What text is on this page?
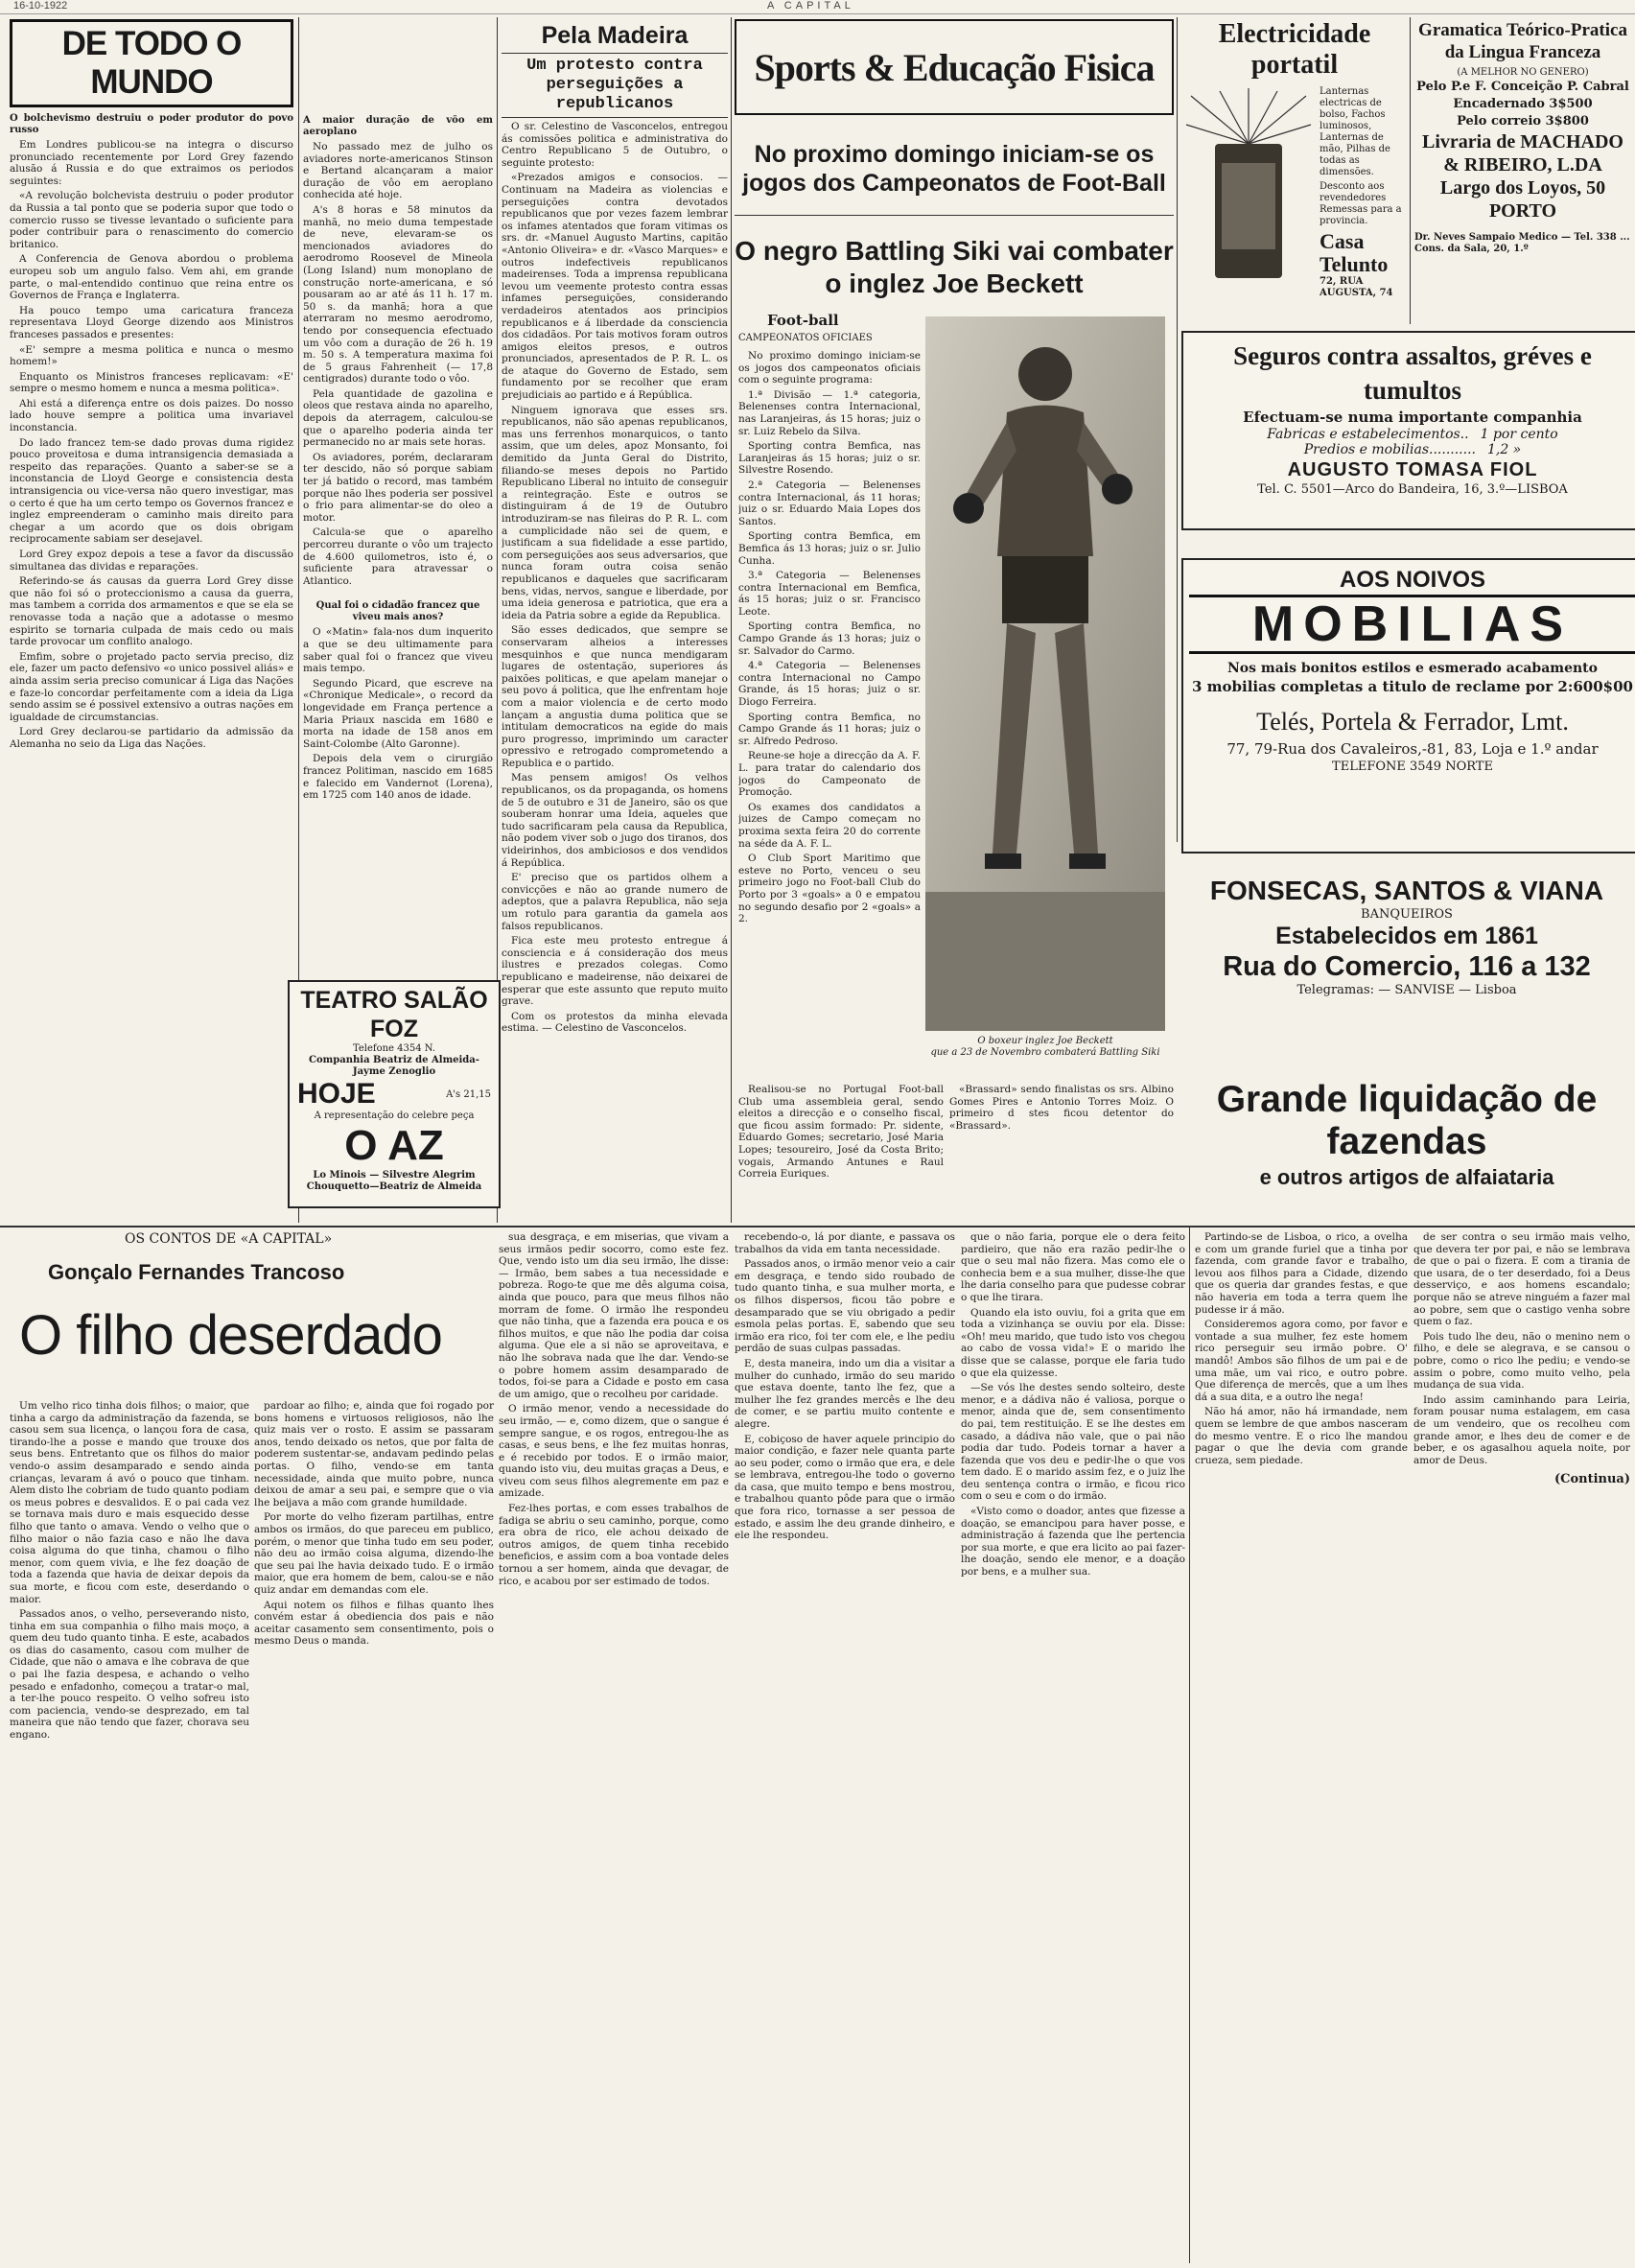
16-10-1922	A CAPITAL
DE TODO O MUNDO

O bolchevismo destruiu o poder produtor do povo russo

Em Londres publicou-se na integra o discurso pronunciado recentemente por Lord Grey fazendo alusão á Russia e do que extraimos os periodos seguintes:

«A revolução bolchevista destruiu o poder produtor da Russia a tal ponto que se poderia supor que todo o comercio russo se tivesse levantado o suficiente para poder contribuir para o renascimento do comercio britanico.

A Conferencia de Genova abordou o problema europeu sob um angulo falso. Vem ahi, em grande parte, o mal-entendido continuo que reina entre os Governos de França e Inglaterra.

Ha pouco tempo uma caricatura franceza representava Lloyd George dizendo aos Ministros franceses passados e presentes:

«E' sempre a mesma politica e nunca o mesmo homem!»

Enquanto os Ministros franceses replicavam: «E' sempre o mesmo homem e nunca a mesma politica».

Ahi está a diferença entre os dois paizes. Do nosso lado houve sempre a politica uma invariavel inconstancia.

Do lado francez tem-se dado provas duma rigidez pouco proveitosa e duma intransigencia demasiada a respeito das reparações. Quanto a saber-se se a inconstancia de Lloyd George e consistencia desta intransigencia ou vice-versa não quero investigar, mas o certo é que ha um certo tempo os Governos francez e inglez empreenderam o caminho mais direito para chegar a um acordo que os dois obrigam reciprocamente sabiam ser desejavel.

Lord Grey expoz depois a tese a favor da discussão simultanea das dividas e reparações.

Referindo-se ás causas da guerra Lord Grey disse que não foi só o proteccionismo a causa da guerra, mas tambem a corrida dos armamentos e que se ela se renovasse toda a nação que a adotasse o mesmo espirito se tornaria culpada de mais cedo ou mais tarde provocar um conflito analogo.

Emfim, sobre o projetado pacto servia preciso, diz ele, fazer um pacto defensivo «o unico possivel aliás» e ainda assim seria preciso comunicar á Liga das Nações e faze-lo concordar perfeitamente com a ideia da Liga sendo assim se é possivel extensivo a outras nações em igualdade de circumstancias.

Lord Grey declarou-se partidario da admissão da Alemanha no seio da Liga das Nações.

A maior duração de vôo em aeroplano

No passado mez de julho os aviadores norte-americanos Stinson e Bertand alcançaram a maior duração de vôo em aeroplano conhecida até hoje.

A's 8 horas e 58 minutos da manhã, no meio duma tempestade de neve, elevaram-se os mencionados aviadores do aerodromo Roosevel de Mineola (Long Island) num monoplano de construção norte-americana, e só pousaram ao ar até ás 11 h. 17 m. 50 s. da manhã; hora a que aterraram no mesmo aerodromo, tendo por consequencia efectuado um vôo com a duração de 26 h. 19 m. 50 s. A temperatura maxima foi de 5 graus Fahrenheit (— 17,8 centigrados) durante todo o vôo.

Pela quantidade de gazolina e oleos que restava ainda no aparelho, depois da aterragem, calculou-se que o aparelho poderia ainda ter permanecido no ar mais sete horas.

Os aviadores, porém, declararam ter descido, não só porque sabiam ter já batido o record, mas também porque não lhes poderia ser possivel o frio para alimentar-se do oleo a motor.

Calcula-se que o aparelho percorreu durante o vôo um trajecto de 4.600 quilometros, isto é, o suficiente para atravessar o Atlantico.

Qual foi o cidadão francez que viveu mais anos?

O «Matin» fala-nos dum inquerito a que se deu ultimamente para saber qual foi o francez que viveu mais tempo.

Segundo Picard, que escreve na «Chronique Medicale», o record da longevidade em França pertence a Maria Priaux nascida em 1680 e morta na idade de 158 anos em Saint-Colombe (Alto Garonne).

Depois dela vem o cirurgião francez Politiman, nascido em 1685 e falecido em Vandernot (Lorena), em 1725 com 140 anos de idade.

TEATRO SALÃO FOZ
Telefone 4354 N.
Companhia Beatriz de Almeida-Jayme Zenoglio
HOJE	A's 21,15
A representação do celebre peça
O AZ
Lo Minois — Silvestre Alegrim
Chouquetto—Beatriz de Almeida
Pela Madeira
Um protesto contra perseguições a republicanos

O sr. Celestino de Vasconcelos, entregou ás comissões politica e administrativa do Centro Republicano 5 de Outubro, o seguinte protesto:

«Prezados amigos e consocios. — Continuam na Madeira as violencias e perseguições contra devotados republicanos que por vezes fazem lembrar os infames atentados que foram vitimas os srs. dr. «Manuel Augusto Martins, capitão «Antonio Oliveira» e dr. «Vasco Marques» e outros indefectiveis republicanos madeirenses. Toda a imprensa republicana levou um veemente protesto contra essas infames perseguições, considerando verdadeiros atentados aos principios republicanos e á liberdade da consciencia dos cidadãos. Por tais motivos foram outros amigos eleitos presos, e outros pronunciados, apresentados de P. R. L. os de ataque do Governo de Estado, sem fundamento por se recolher que eram prejudiciais ao partido e á República.

Ninguem ignorava que esses srs. republicanos, não são apenas republicanos, mas uns ferrenhos monarquicos, o tanto assim, que um deles, apoz Monsanto, foi demitido da Junta Geral do Distrito, filiando-se meses depois no Partido Republicano Liberal no intuito de conseguir a reintegração. Este e outros se distinguiram á de 19 de Outubro introduziram-se nas fileiras do P. R. L. com a cumplicidade não sei de quem, e justificam a sua fidelidade a esse partido, com perseguições aos seus adversarios, que nunca foram outra coisa senão republicanos e daqueles que sacrificaram bens, vidas, nervos, sangue e liberdade, por uma ideia generosa e patriotica, que era a ideia da Patria sobre a egide da Republica.

São esses dedicados, que sempre se conservaram alheios a interesses mesquinhos e que nunca mendigaram lugares de ostentação, superiores ás paixões politicas, e que apelam manejar o seu povo á politica, que lhe enfrentam hoje com a maior violencia e de certo modo lançam a angustia duma politica que se intitulam democraticos na egide do mais puro progresso, imprimindo um caracter opressivo e retrogado comprometendo a Republica e o partido.

Mas pensem amigos! Os velhos republicanos, os da propaganda, os homens de 5 de outubro e 31 de Janeiro, são os que souberam honrar uma Ideia, aqueles que tudo sacrificaram pela causa da Republica, não podem viver sob o jugo dos tiranos, dos videirinhos, dos ambiciosos e dos vendidos á República.

E' preciso que os partidos olhem a convicções e não ao grande numero de adeptos, que a palavra Republica, não seja um rotulo para garantia da gamela aos falsos republicanos.

Fica este meu protesto entregue á consciencia e á consideração dos meus ilustres e prezados colegas. Como republicano e madeirense, não deixarei de esperar que este assunto que reputo muito grave.

Com os protestos da minha elevada estima. — Celestino de Vasconcelos.

Sports & Educação Fisica
No proximo domingo iniciam-se os jogos dos Campeonatos de Foot-Ball
O negro Battling Siki vai combater o inglez Joe Beckett
Foot-ball
CAMPEONATOS OFICIAES

No proximo domingo iniciam-se os jogos dos campeonatos oficiais com o seguinte programa:

1.ª Divisão — 1.ª categoria, Belenenses contra Internacional, nas Laranjeiras, ás 15 horas; juiz o sr. Luiz Rebelo da Silva.

Sporting contra Bemfica, nas Laranjeiras ás 15 horas; juiz o sr. Silvestre Rosendo.

2.ª Categoria — Belenenses contra Internacional, ás 11 horas; juiz o sr. Eduardo Maia Lopes dos Santos.

Sporting contra Bemfica, em Bemfica ás 13 horas; juiz o sr. Julio Cunha.

3.ª Categoria — Belenenses contra Internacional em Bemfica, ás 15 horas; juiz o sr. Francisco Leote.

Sporting contra Bemfica, no Campo Grande ás 13 horas; juiz o sr. Salvador do Carmo.

4.ª Categoria — Belenenses contra Internacional no Campo Grande, ás 15 horas; juiz o sr. Diogo Ferreira.

Sporting contra Bemfica, no Campo Grande ás 11 horas; juiz o sr. Alfredo Pedroso.

Reune-se hoje a direcção da A. F. L. para tratar do calendario dos jogos do Campeonato de Promoção.

Os exames dos candidatos a juizes de Campo começam no proxima sexta feira 20 do corrente na séde da A. F. L.

O Club Sport Maritimo que esteve no Porto, venceu o seu primeiro jogo no Foot-ball Club do Porto por 3 «goals» a 0 e empatou no segundo desafio por 2 «goals» a 2.

O boxeur inglez Joe Beckett
que a 23 de Novembro combaterá Battling Siki

Realisou-se no Portugal Foot-ball Club uma assembleia geral, sendo eleitos a direcção e o conselho fiscal, que ficou assim formado: Pr. sidente, Eduardo Gomes; secretario, José Maria Lopes; tesoureiro, José da Costa Brito; vogais, Armando Antunes e Raul Correia Euriques.

«Brassard» sendo finalistas os srs. Albino Gomes Pires e Antonio Torres Moiz. O primeiro d stes ficou detentor do «Brassard».

Electricidade portatil

Lanternas electricas de bolso, Fachos luminosos, Lanternas de mão, Pilhas de todas as dimensões.

Desconto aos revendedores Remessas para a provincia.

Casa Telunto
72, RUA AUGUSTA, 74
Gramatica Teórico-Pratica
da Lingua Franceza
(A MELHOR NO GENERO)
Pelo P.e F. Conceição P. Cabral
Encadernado 3$500
Pelo correio 3$800
Livraria de MACHADO
& RIBEIRO, L.DA
Largo dos Loyos, 50
PORTO
Dr. Neves Sampaio Medico — Tel. 338 ... Cons. da Sala, 20, 1.º
Seguros contra assaltos, gréves e tumultos
Efectuam-se numa importante companhia
Fabricas e estabelecimentos.. 1 por cento
Predios e mobilias........... 1,2 »
AUGUSTO TOMASA FIOL
Tel. C. 5501—Arco do Bandeira, 16, 3.º—LISBOA
AOS NOIVOS
MOBILIAS
Nos mais bonitos estilos e esmerado acabamento
3 mobilias completas a titulo de reclame por 2:600$00
Telés, Portela & Ferrador, Lmt.
77, 79-Rua dos Cavaleiros,-81, 83, Loja e 1.º andar
TELEFONE 3549 NORTE
FONSECAS, SANTOS & VIANA
BANQUEIROS
Estabelecidos em 1861
Rua do Comercio, 116 a 132
Telegramas: — SANVISE — Lisboa
Grande liquidação de
fazendas
e outros artigos de alfaiataria
OS CONTOS DE «A CAPITAL»
Gonçalo Fernandes Trancoso
O filho deserdado

Um velho rico tinha dois filhos; o maior, que tinha a cargo da administração da fazenda, se casou sem sua licença, o lançou fora de casa, tirando-lhe a posse e mando que trouxe dos seus bens. Entretanto que os filhos do maior vendo-o assim desamparado e sendo ainda crianças, levaram á avó o pouco que tinham. Alem disto lhe cobriam de tudo quanto podiam os meus pobres e desvalidos. E o pai cada vez se tornava mais duro e mais esquecido desse filho que tanto o amava. Vendo o velho que o filho maior o não fazia caso e não lhe dava coisa alguma do que tinha, chamou o filho menor, com quem vivia, e lhe fez doação de toda a fazenda que havia de deixar depois da sua morte, e ficou com este, deserdando o maior.

Passados anos, o velho, perseverando nisto, tinha em sua companhia o filho mais moço, a quem deu tudo quanto tinha. E este, acabados os dias do casamento, casou com mulher de Cidade, que não o amava e lhe cobrava de que o pai lhe fazia despesa, e achando o velho pesado e enfadonho, começou a tratar-o mal, a ter-lhe pouco respeito. O velho sofreu isto com paciencia, vendo-se desprezado, em tal maneira que não tendo que fazer, chorava seu engano.

pardoar ao filho; e, ainda que foi rogado por bons homens e virtuosos religiosos, não lhe quiz mais ver o rosto. E assim se passaram anos, tendo deixado os netos, que por falta de poderem sustentar-se, andavam pedindo pelas portas. O filho, vendo-se em tanta necessidade, ainda que muito pobre, nunca deixou de amar a seu pai, e sempre que o via lhe beijava a mão com grande humildade.

Por morte do velho fizeram partilhas, entre ambos os irmãos, do que pareceu em publico, porém, o menor que tinha tudo em seu poder, não deu ao irmão coisa alguma, dizendo-lhe que seu pai lhe havia deixado tudo. E o irmão maior, que era homem de bem, calou-se e não quiz andar em demandas com ele.

Aqui notem os filhos e filhas quanto lhes convém estar á obediencia dos pais e não aceitar casamento sem consentimento, pois o mesmo Deus o manda.

sua desgraça, e em miserias, que vivam a seus irmãos pedir socorro, como este fez. Que, vendo isto um dia seu irmão, lhe disse: — Irmão, bem sabes a tua necessidade e pobreza. Rogo-te que me dês alguma coisa, ainda que pouco, para que meus filhos não morram de fome. O irmão lhe respondeu que não tinha, que a fazenda era pouca e os filhos muitos, e que não lhe podia dar coisa alguma. Que ele a si não se aproveitava, e não lhe sobrava nada que lhe dar. Vendo-se o pobre homem assim desamparado de todos, foi-se para a Cidade e posto em casa de um amigo, que o recolheu por caridade.

O irmão menor, vendo a necessidade do seu irmão, — e, como dizem, que o sangue é sempre sangue, e os rogos, entregou-lhe as casas, e seus bens, e lhe fez muitas honras, e é recebido por todos. E o irmão maior, quando isto viu, deu muitas graças a Deus, e viveu com seus filhos alegremente em paz e amizade.

Fez-lhes portas, e com esses trabalhos de fadiga se abriu o seu caminho, porque, como era obra de rico, ele achou deixado de outros amigos, de quem tinha recebido beneficios, e assim com a boa vontade deles tornou a ser homem, ainda que devagar, de rico, e acabou por ser estimado de todos.

recebendo-o, lá por diante, e passava os trabalhos da vida em tanta necessidade.

Passados anos, o irmão menor veio a cair em desgraça, e tendo sido roubado de tudo quanto tinha, e sua mulher morta, e os filhos dispersos, ficou tão pobre e desamparado que se viu obrigado a pedir esmola pelas portas. E, sabendo que seu irmão era rico, foi ter com ele, e lhe pediu perdão de suas culpas passadas.

E, desta maneira, indo um dia a visitar a mulher do cunhado, irmão do seu marido que estava doente, tanto lhe fez, que a mulher lhe fez grandes mercês e lhe deu de comer, e se partiu muito contente e alegre.

E, cobiçoso de haver aquele principio do maior condição, e fazer nele quanta parte ao seu poder, como o irmão que era, e dele se lembrava, entregou-lhe todo o governo da casa, que muito tempo e bens mostrou, e trabalhou quanto pôde para que o irmão que fora rico, tornasse a ser pessoa de estado, e assim lhe deu grande dinheiro, e ele lhe respondeu.

que o não faria, porque ele o dera feito pardieiro, que não era razão pedir-lhe o que o seu mal não fizera. Mas como ele o conhecia bem e a sua mulher, disse-lhe que lhe daria conselho para que pudesse cobrar o que lhe tirara.

Quando ela isto ouviu, foi a grita que em toda a vizinhança se ouviu por ela. Disse: «Oh! meu marido, que tudo isto vos chegou ao cabo de vossa vida!» E o marido lhe disse que se calasse, porque ele faria tudo o que ela quizesse.

—Se vós lhe destes sendo solteiro, deste menor, e a dádiva não é valiosa, porque o menor, ainda que de, sem consentimento do pai, tem restituição. E se lhe destes em casado, a dádiva não vale, que o pai não podia dar tudo. Podeis tornar a haver a fazenda que vos deu e pedir-lhe o que vos tem dado. E o marido assim fez, e o juiz lhe deu sentença contra o irmão, e ficou rico com o seu e com o do irmão.

«Visto como o doador, antes que fizesse a doação, se emancipou para haver posse, e administração á fazenda que lhe pertencia por sua morte, e que era licito ao pai fazer-lhe doação, sendo ele menor, e a doação por bens, e a mulher sua.

Partindo-se de Lisboa, o rico, a ovelha e com um grande furiel que a tinha por fazenda, com grande favor e trabalho, levou aos filhos para a Cidade, dizendo que os queria dar grandes festas, e que não haveria em toda a terra quem lhe pudesse ir á mão.

Consideremos agora como, por favor e vontade a sua mulher, fez este homem rico perseguir seu irmão pobre. O' mandô! Ambos são filhos de um pai e de uma mãe, um vai rico, e outro pobre. Que diferença de mercês, que a um lhes dá a sua dita, e a outro lhe nega!

Não há amor, não há irmandade, nem quem se lembre de que ambos nasceram do mesmo ventre. E o rico lhe mandou pagar o que lhe devia com grande crueza, sem piedade.

de ser contra o seu irmão mais velho, que devera ter por pai, e não se lembrava de que o pai o fizera. E com a tirania de que usara, de o ter deserdado, foi a Deus desserviço, e aos homens escandalo; porque não se atreve ninguém a fazer mal ao pobre, sem que o castigo venha sobre quem o faz.

Pois tudo lhe deu, não o menino nem o filho, e dele se alegrava, e se cansou o pobre, como o rico lhe pediu; e vendo-se assim o pobre, como muito velho, pela mudança de sua vida.

Indo assim caminhando para Leiria, foram pousar numa estalagem, em casa de um vendeiro, que os recolheu com grande amor, e lhes deu de comer e de beber, e os agasalhou aquela noite, por amor de Deus.

(Continua)
